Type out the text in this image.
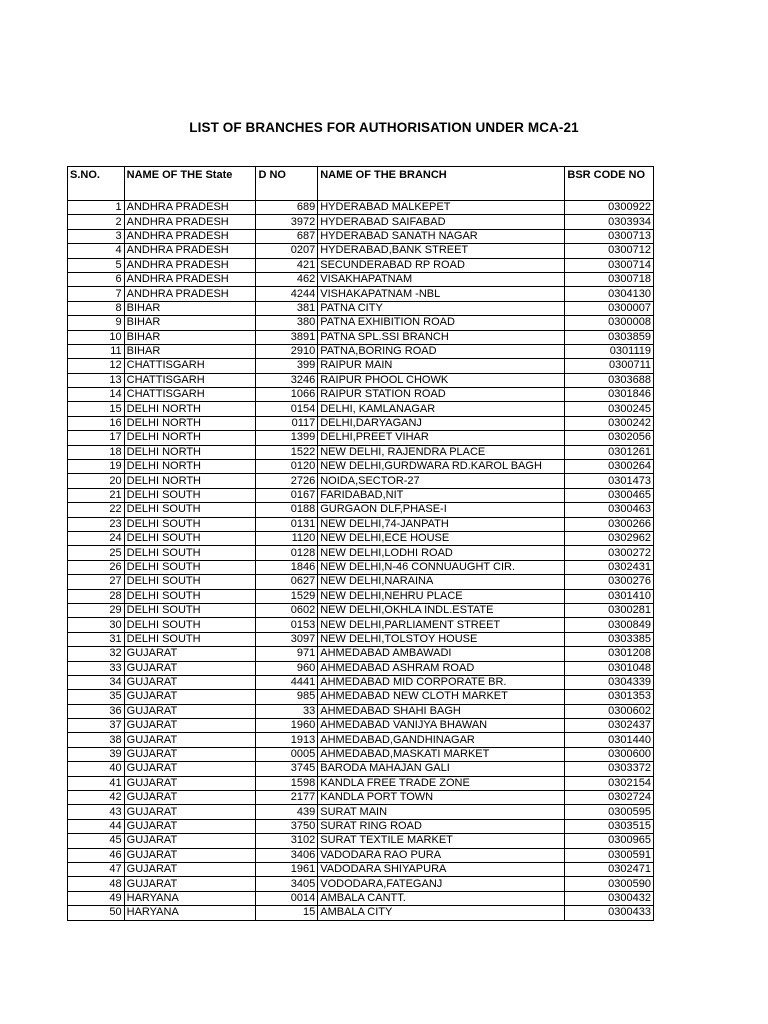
LIST OF BRANCHES FOR AUTHORISATION UNDER MCA-21
S.NO.	NAME OF THE State	D NO	NAME OF THE BRANCH	BSR CODE NO

1	ANDHRA PRADESH	689	HYDERABAD MALKEPET	0300922
2	ANDHRA PRADESH	3972	HYDERABAD SAIFABAD	0303934
3	ANDHRA PRADESH	687	HYDERABAD SANATH NAGAR	0300713
4	ANDHRA PRADESH	0207	HYDERABAD,BANK STREET	0300712
5	ANDHRA PRADESH	421	SECUNDERABAD RP ROAD	0300714
6	ANDHRA PRADESH	462	VISAKHAPATNAM	0300718
7	ANDHRA PRADESH	4244	VISHAKAPATNAM -NBL	0304130
8	BIHAR	381	PATNA CITY	0300007
9	BIHAR	380	PATNA EXHIBITION ROAD	0300008
10	BIHAR	3891	PATNA SPL.SSI BRANCH	0303859
11	BIHAR	2910	PATNA,BORING ROAD	0301119
12	CHATTISGARH	399	RAIPUR MAIN	0300711
13	CHATTISGARH	3246	RAIPUR PHOOL CHOWK	0303688
14	CHATTISGARH	1066	RAIPUR STATION ROAD	0301846
15	DELHI NORTH	0154	DELHI, KAMLANAGAR	0300245
16	DELHI NORTH	0117	DELHI,DARYAGANJ	0300242
17	DELHI NORTH	1399	DELHI,PREET VIHAR	0302056
18	DELHI NORTH	1522	NEW DELHI, RAJENDRA PLACE	0301261
19	DELHI NORTH	0120	NEW DELHI,GURDWARA RD.KAROL BAGH	0300264
20	DELHI NORTH	2726	NOIDA,SECTOR-27	0301473
21	DELHI SOUTH	0167	FARIDABAD,NIT	0300465
22	DELHI SOUTH	0188	GURGAON DLF,PHASE-I	0300463
23	DELHI SOUTH	0131	NEW DELHI,74-JANPATH	0300266
24	DELHI SOUTH	1120	NEW DELHI,ECE HOUSE	0302962
25	DELHI SOUTH	0128	NEW DELHI,LODHI ROAD	0300272
26	DELHI SOUTH	1846	NEW DELHI,N-46 CONNUAUGHT CIR.	0302431
27	DELHI SOUTH	0627	NEW DELHI,NARAINA	0300276
28	DELHI SOUTH	1529	NEW DELHI,NEHRU PLACE	0301410
29	DELHI SOUTH	0602	NEW DELHI,OKHLA INDL.ESTATE	0300281
30	DELHI SOUTH	0153	NEW DELHI,PARLIAMENT STREET	0300849
31	DELHI SOUTH	3097	NEW DELHI,TOLSTOY HOUSE	0303385
32	GUJARAT	971	AHMEDABAD AMBAWADI	0301208
33	GUJARAT	960	AHMEDABAD ASHRAM ROAD	0301048
34	GUJARAT	4441	AHMEDABAD MID CORPORATE BR.	0304339
35	GUJARAT	985	AHMEDABAD NEW CLOTH MARKET	0301353
36	GUJARAT	33	AHMEDABAD SHAHI BAGH	0300602
37	GUJARAT	1960	AHMEDABAD VANIJYA BHAWAN	0302437
38	GUJARAT	1913	AHMEDABAD,GANDHINAGAR	0301440
39	GUJARAT	0005	AHMEDABAD,MASKATI MARKET	0300600
40	GUJARAT	3745	BARODA MAHAJAN GALI	0303372
41	GUJARAT	1598	KANDLA FREE TRADE ZONE	0302154
42	GUJARAT	2177	KANDLA PORT TOWN	0302724
43	GUJARAT	439	SURAT MAIN	0300595
44	GUJARAT	3750	SURAT RING ROAD	0303515
45	GUJARAT	3102	SURAT TEXTILE MARKET	0300965
46	GUJARAT	3406	VADODARA RAO PURA	0300591
47	GUJARAT	1961	VADODARA SHIYAPURA	0302471
48	GUJARAT	3405	VODODARA,FATEGANJ	0300590
49	HARYANA	0014	AMBALA CANTT.	0300432
50	HARYANA	15	AMBALA CITY	0300433
